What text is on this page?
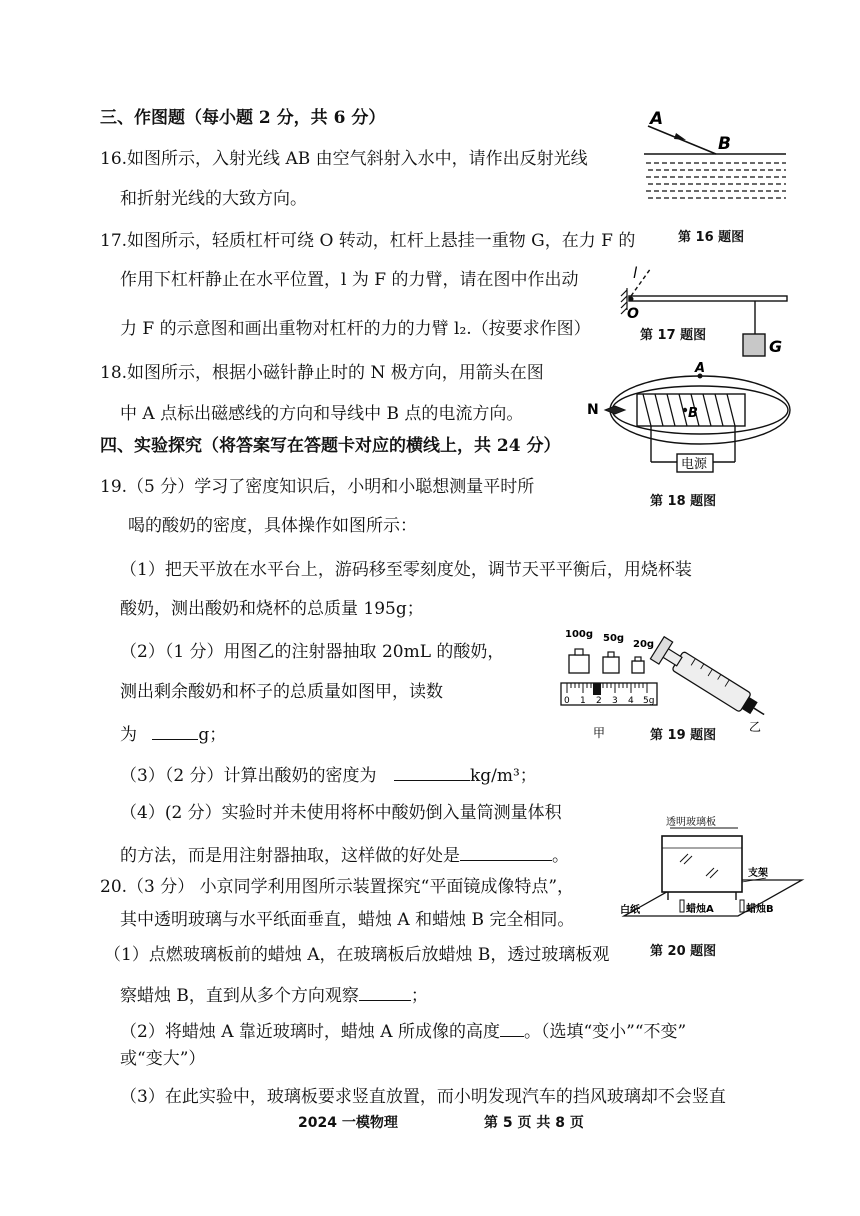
三、作图题（每小题 2 分，共 6 分）
16.如图所示，入射光线 AB 由空气斜射入水中，请作出反射光线
和折射光线的大致方向。
A
B
第 16 题图
17.如图所示，轻质杠杆可绕 O 转动，杠杆上悬挂一重物 G，在力 F 的
作用下杠杆静止在水平位置，l 为 F 的力臂，请在图中作出动
力 F 的示意图和画出重物对杠杆的力的力臂 l₂.（按要求作图）
l
O
G
第 17 题图
18.如图所示，根据小磁针静止时的 N 极方向，用箭头在图
中 A 点标出磁感线的方向和导线中 B 点的电流方向。
电源
N
A
B
第 18 题图
四、实验探究（将答案写在答题卡对应的横线上，共 24 分）
19.（5 分）学习了密度知识后，小明和小聪想测量平时所
喝的酸奶的密度，具体操作如图所示：
（1）把天平放在水平台上，游码移至零刻度处，调节天平平衡后，用烧杯装
酸奶，测出酸奶和烧杯的总质量 195g；
（2）（1 分）用图乙的注射器抽取 20mL 的酸奶，
测出剩余酸奶和杯子的总质量如图甲，读数
为	g；
（3）（2 分）计算出酸奶的密度为	kg/m³；
（4）(2 分）实验时并未使用将杯中酸奶倒入量筒测量体积
的方法，而是用注射器抽取，这样做的好处是	。
100g 50g
20g
0 1 2 3 4 5g
甲	乙
第 19 题图
20.（3 分） 小京同学利用图所示装置探究“平面镜成像特点”，
其中透明玻璃与水平纸面垂直，蜡烛 A 和蜡烛 B 完全相同。
（1）点燃玻璃板前的蜡烛 A，在玻璃板后放蜡烛 B，透过玻璃板观
察蜡烛 B，直到从多个方向观察	；
（2）将蜡烛 A 靠近玻璃时，蜡烛 A 所成像的高度 。（选填“变小”“不变”
或“变大”）
（3）在此实验中，玻璃板要求竖直放置，而小明发现汽车的挡风玻璃却不会竖直
透明玻璃板
支架
白纸	蜡烛A	蜡烛B
第 20 题图
2024 一模物理	第 5 页 共 8 页
